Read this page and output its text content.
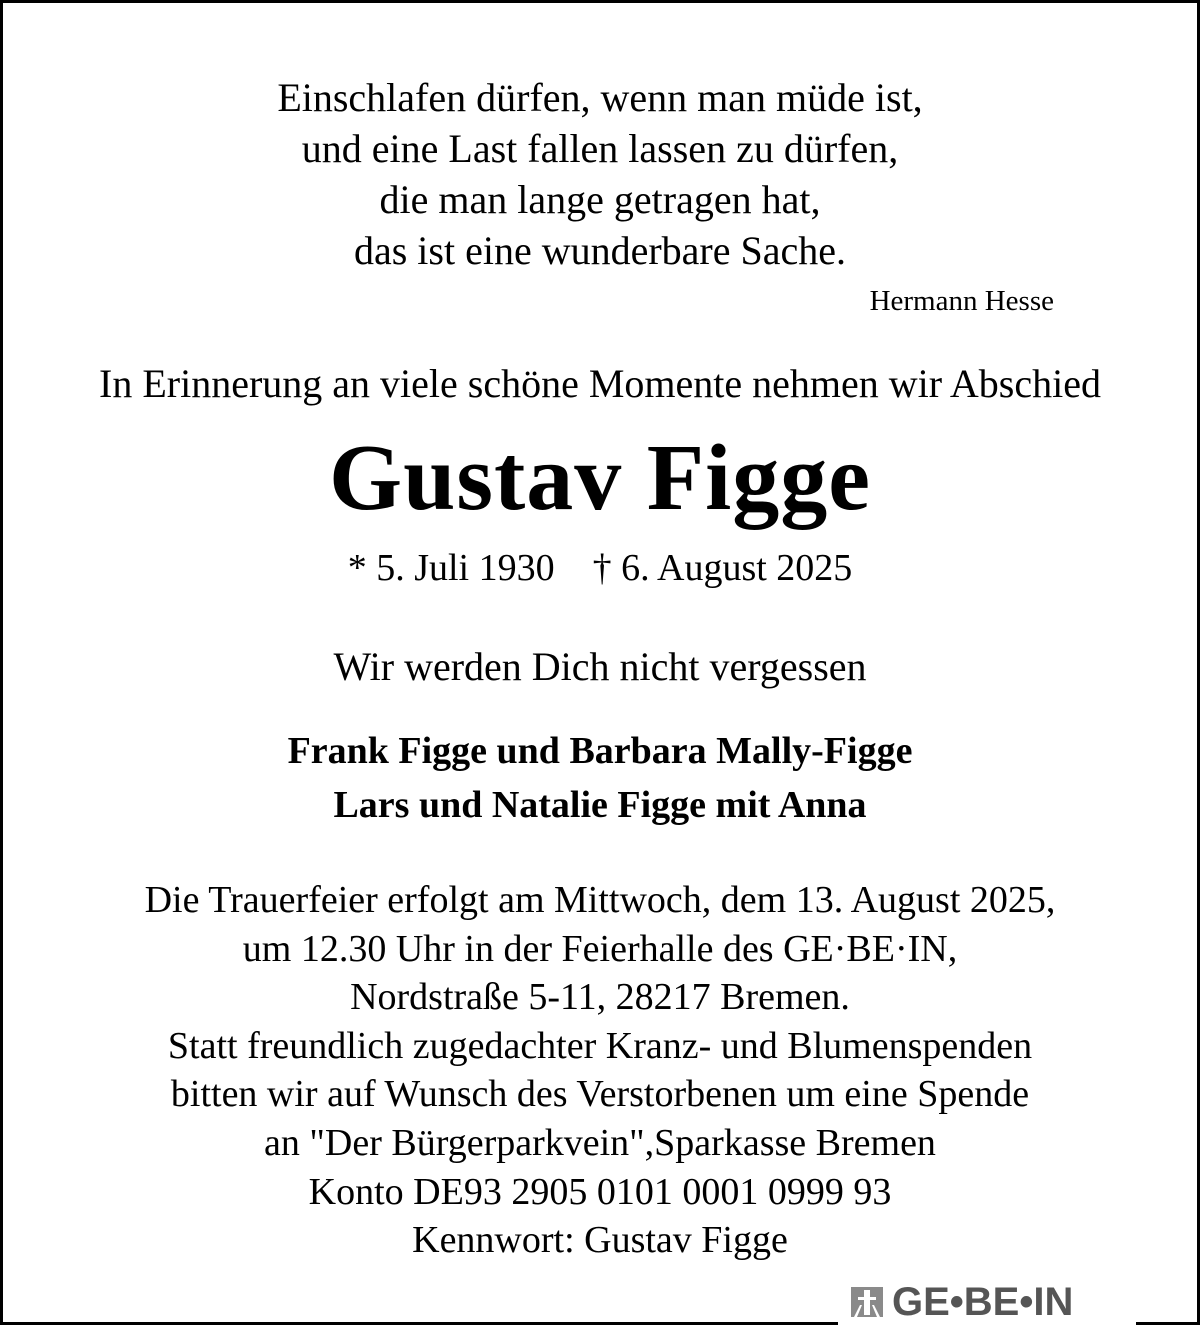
Einschlafen dürfen, wenn man müde ist,
und eine Last fallen lassen zu dürfen,
die man lange getragen hat,
das ist eine wunderbare Sache.
Hermann Hesse
In Erinnerung an viele schöne Momente nehmen wir Abschied
Gustav Figge
* 5. Juli 1930 † 6. August 2025
Wir werden Dich nicht vergessen
Frank Figge und Barbara Mally-Figge
Lars und Natalie Figge mit Anna
Die Trauerfeier erfolgt am Mittwoch, dem 13. August 2025,
um 12.30 Uhr in der Feierhalle des GE·BE·IN,
Nordstraße 5-11, 28217 Bremen.
Statt freundlich zugedachter Kranz- und Blumenspenden
bitten wir auf Wunsch des Verstorbenen um eine Spende
an "Der Bürgerparkvein",Sparkasse Bremen
Konto DE93 2905 0101 0001 0999 93
Kennwort: Gustav Figge
GE•BE•IN
